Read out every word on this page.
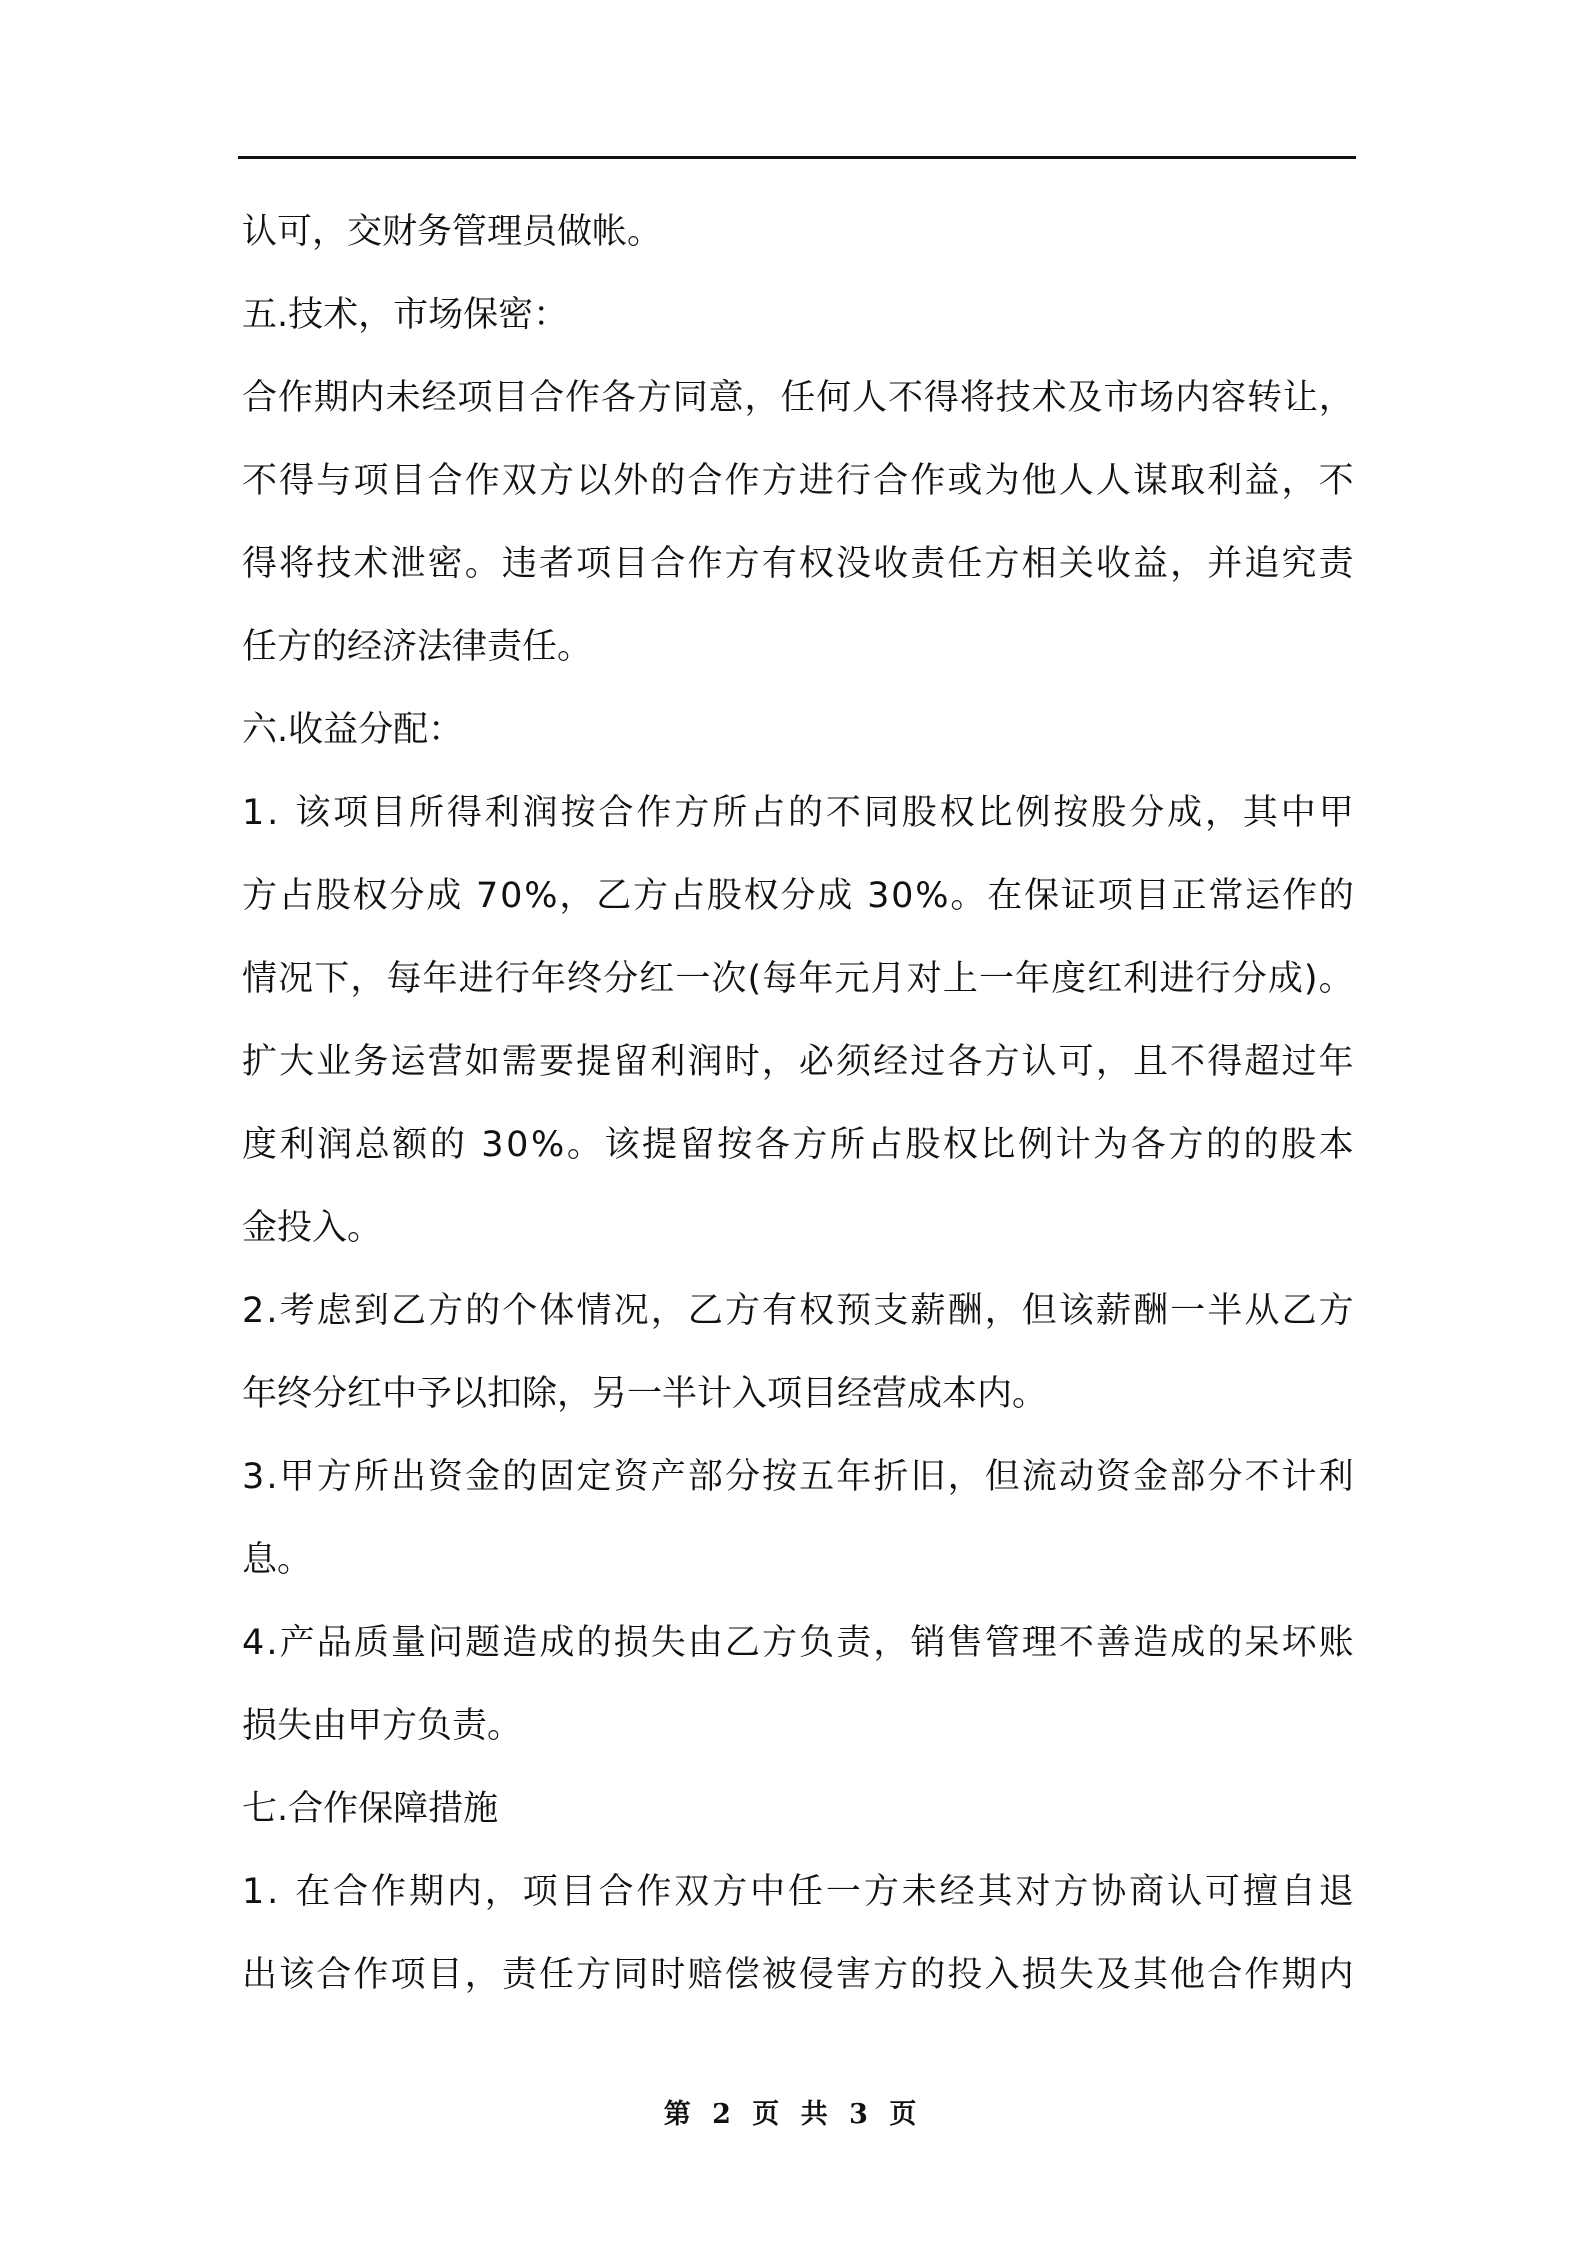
认可，交财务管理员做帐。
五.技术，市场保密：
合 作 期 内 未 经 项 目 合 作 各 方 同 意 ， 任 何 人 不 得 将 技 术 及 市 场 内 容 转 让 ，
不 得 与 项 目 合 作 双 方 以 外 的 合 作 方 进 行 合 作 或 为 他 人 人 谋 取 利 益 ， 不
得 将 技 术 泄 密 。 违 者 项 目 合 作 方 有 权 没 收 责 任 方 相 关 收 益 ， 并 追 究 责
任方的经济法律责任。
六.收益分配：
1 .
该 项 目 所 得 利 润 按 合 作 方 所 占 的 不 同 股 权 比 例 按 股 分 成 ， 其 中 甲
方 占 股 权 分 成
7 0 % ， 乙 方 占 股 权 分 成
3 0 % 。 在 保 证 项 目 正 常 运 作 的
情 况 下 ， 每 年 进 行 年 终 分 红 一 次 ( 每 年 元 月 对 上 一 年 度 红 利 进 行 分 成 ) 。
扩 大 业 务 运 营 如 需 要 提 留 利 润 时 ， 必 须 经 过 各 方 认 可 ， 且 不 得 超 过 年
度 利 润 总 额 的
3 0 % 。 该 提 留 按 各 方 所 占 股 权 比 例 计 为 各 方 的 的 股 本
金投入。
2 . 考 虑 到 乙 方 的 个 体 情 况 ， 乙 方 有 权 预 支 薪 酬 ， 但 该 薪 酬 一 半 从 乙 方
年终分红中予以扣除，另一半计入项目经营成本内。
3 . 甲 方 所 出 资 金 的 固 定 资 产 部 分 按 五 年 折 旧 ， 但 流 动 资 金 部 分 不 计 利
息。
4 . 产 品 质 量 问 题 造 成 的 损 失 由 乙 方 负 责 ， 销 售 管 理 不 善 造 成 的 呆 坏 账
损失由甲方负责。
七.合作保障措施
1 .
在 合 作 期 内 ， 项 目 合 作 双 方 中 任 一 方 未 经 其 对 方 协 商 认 可 擅 自 退
出 该 合 作 项 目 ， 责 任 方 同 时 赔 偿 被 侵 害 方 的 投 入 损 失 及 其 他 合 作 期 内
第 2 页 共 3 页
